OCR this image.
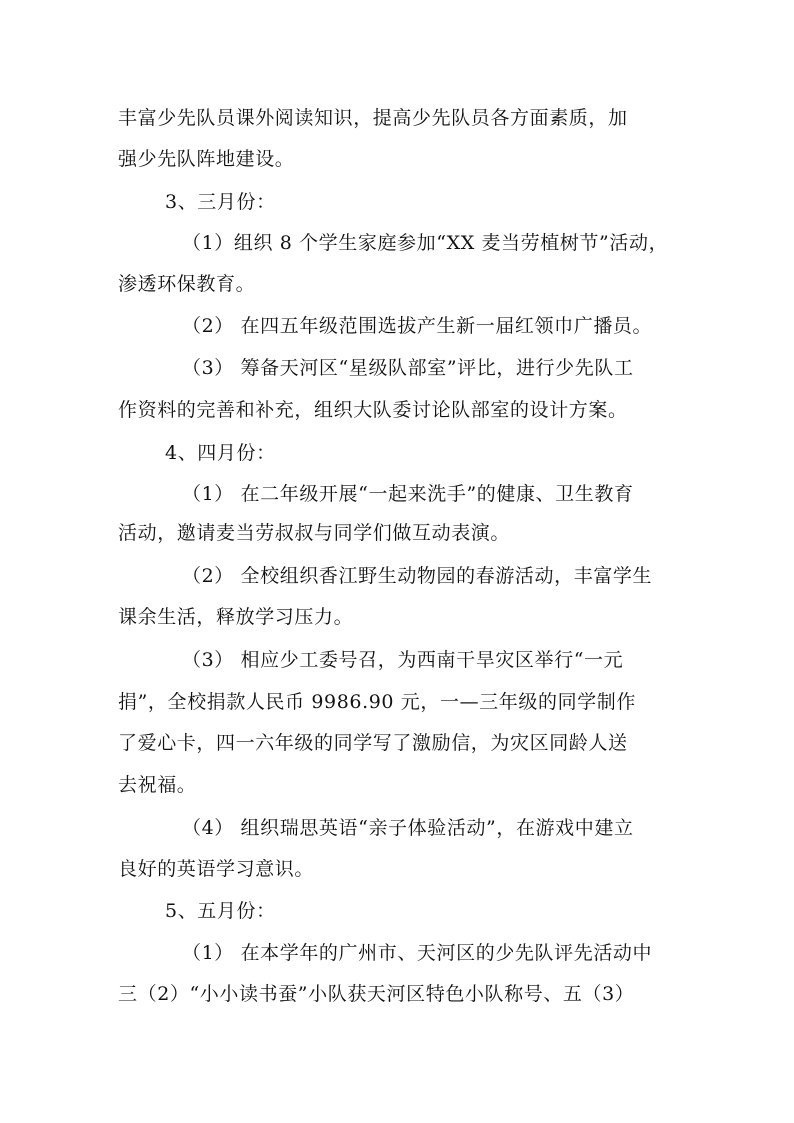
丰富少先队员课外阅读知识，提高少先队员各方面素质，加
强少先队阵地建设。
3、三月份：
（1）组织 8 个学生家庭参加“XX 麦当劳植树节”活动，
渗透环保教育。
（2） 在四五年级范围选拔产生新一届红领巾广播员。
（3） 筹备天河区“星级队部室”评比，进行少先队工
作资料的完善和补充，组织大队委讨论队部室的设计方案。
4、四月份：
（1） 在二年级开展“一起来洗手”的健康、卫生教育
活动，邀请麦当劳叔叔与同学们做互动表演。
（2） 全校组织香江野生动物园的春游活动，丰富学生
课余生活，释放学习压力。
（3） 相应少工委号召，为西南干旱灾区举行“一元
捐”，全校捐款人民币 9986.90 元，一—三年级的同学制作
了爱心卡，四一六年级的同学写了激励信，为灾区同龄人送
去祝福。
（4） 组织瑞思英语“亲子体验活动”，在游戏中建立
良好的英语学习意识。
5、五月份：
（1） 在本学年的广州市、天河区的少先队评先活动中
三（2）“小小读书蚕”小队获天河区特色小队称号、五（3）
